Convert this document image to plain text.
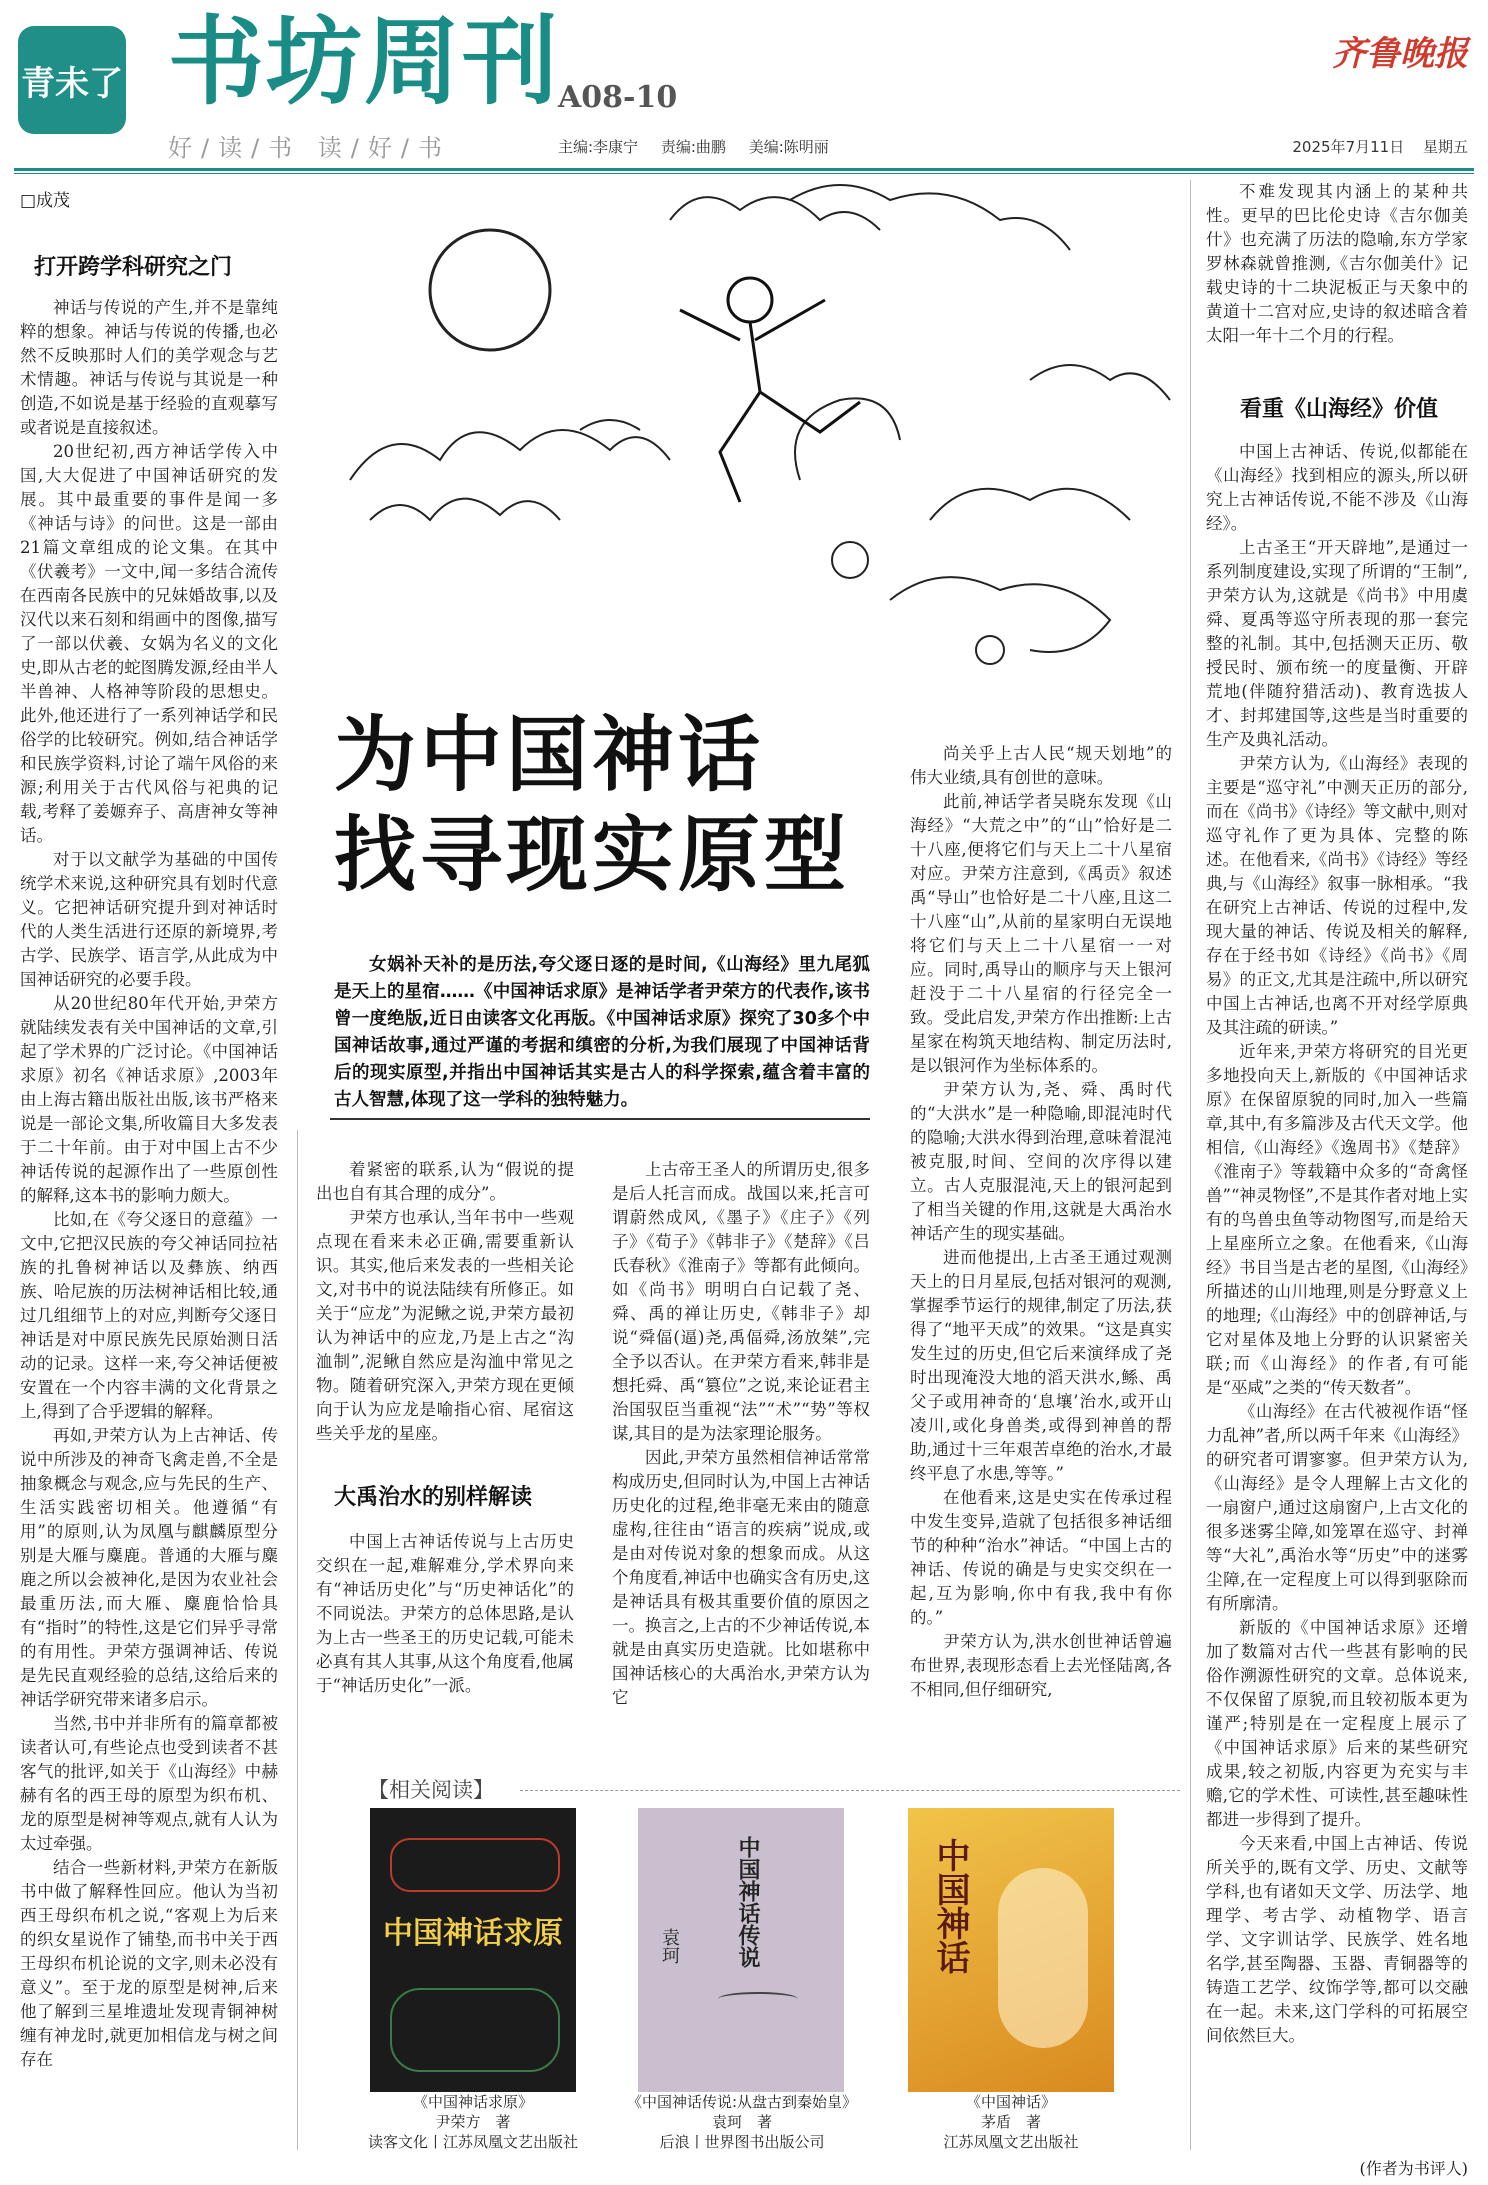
青未了 书坊周刊
A08-10
好/读/书 读/好/书
齐鲁晚报
主编:李康宁 责编:曲鹏 美编:陈明丽	2025年7月11日 星期五
□成茂
打开跨学科研究之门

神话与传说的产生,并不是靠纯粹的想象。神话与传说的传播,也必然不反映那时人们的美学观念与艺术情趣。神话与传说与其说是一种创造,不如说是基于经验的直观摹写或者说是直接叙述。

20世纪初,西方神话学传入中国,大大促进了中国神话研究的发展。其中最重要的事件是闻一多《神话与诗》的问世。这是一部由21篇文章组成的论文集。在其中《伏羲考》一文中,闻一多结合流传在西南各民族中的兄妹婚故事,以及汉代以来石刻和绢画中的图像,描写了一部以伏羲、女娲为名义的文化史,即从古老的蛇图腾发源,经由半人半兽神、人格神等阶段的思想史。此外,他还进行了一系列神话学和民俗学的比较研究。例如,结合神话学和民族学资料,讨论了端午风俗的来源;利用关于古代风俗与祀典的记载,考释了姜嫄弃子、高唐神女等神话。

对于以文献学为基础的中国传统学术来说,这种研究具有划时代意义。它把神话研究提升到对神话时代的人类生活进行还原的新境界,考古学、民族学、语言学,从此成为中国神话研究的必要手段。

从20世纪80年代开始,尹荣方就陆续发表有关中国神话的文章,引起了学术界的广泛讨论。《中国神话求原》初名《神话求原》,2003年由上海古籍出版社出版,该书严格来说是一部论文集,所收篇目大多发表于二十年前。由于对中国上古不少神话传说的起源作出了一些原创性的解释,这本书的影响力颇大。

比如,在《夸父逐日的意蕴》一文中,它把汉民族的夸父神话同拉祜族的扎鲁树神话以及彝族、纳西族、哈尼族的历法树神话相比较,通过几组细节上的对应,判断夸父逐日神话是对中原民族先民原始测日活动的记录。这样一来,夸父神话便被安置在一个内容丰满的文化背景之上,得到了合乎逻辑的解释。

再如,尹荣方认为上古神话、传说中所涉及的神奇飞禽走兽,不全是抽象概念与观念,应与先民的生产、生活实践密切相关。他遵循“有用”的原则,认为凤凰与麒麟原型分别是大雁与麋鹿。普通的大雁与麋鹿之所以会被神化,是因为农业社会最重历法,而大雁、麋鹿恰恰具有“指时”的特性,这是它们异乎寻常的有用性。尹荣方强调神话、传说是先民直观经验的总结,这给后来的神话学研究带来诸多启示。

当然,书中并非所有的篇章都被读者认可,有些论点也受到读者不甚客气的批评,如关于《山海经》中赫赫有名的西王母的原型为织布机、龙的原型是树神等观点,就有人认为太过牵强。

结合一些新材料,尹荣方在新版书中做了解释性回应。他认为当初西王母织布机之说,“客观上为后来的织女星说作了铺垫,而书中关于西王母织布机论说的文字,则未必没有意义”。至于龙的原型是树神,后来他了解到三星堆遗址发现青铜神树缠有神龙时,就更加相信龙与树之间存在

为中国神话
找寻现实原型

女娲补天补的是历法,夸父逐日逐的是时间,《山海经》里九尾狐是天上的星宿……《中国神话求原》是神话学者尹荣方的代表作,该书曾一度绝版,近日由读客文化再版。《中国神话求原》探究了30多个中国神话故事,通过严谨的考据和缜密的分析,为我们展现了中国神话背后的现实原型,并指出中国神话其实是古人的科学探索,蕴含着丰富的古人智慧,体现了这一学科的独特魅力。

着紧密的联系,认为“假说的提出也自有其合理的成分”。

尹荣方也承认,当年书中一些观点现在看来未必正确,需要重新认识。其实,他后来发表的一些相关论文,对书中的说法陆续有所修正。如关于“应龙”为泥鳅之说,尹荣方最初认为神话中的应龙,乃是上古之“沟洫制”,泥鳅自然应是沟洫中常见之物。随着研究深入,尹荣方现在更倾向于认为应龙是喻指心宿、尾宿这些关乎龙的星座。

大禹治水的别样解读

中国上古神话传说与上古历史交织在一起,难解难分,学术界向来有“神话历史化”与“历史神话化”的不同说法。尹荣方的总体思路,是认为上古一些圣王的历史记载,可能未必真有其人其事,从这个角度看,他属于“神话历史化”一派。

上古帝王圣人的所谓历史,很多是后人托言而成。战国以来,托言可谓蔚然成风,《墨子》《庄子》《列子》《荀子》《韩非子》《楚辞》《吕氏春秋》《淮南子》等都有此倾向。如《尚书》明明白白记载了尧、舜、禹的禅让历史,《韩非子》却说“舜偪(逼)尧,禹偪舜,汤放桀”,完全予以否认。在尹荣方看来,韩非是想托舜、禹“篡位”之说,来论证君主治国驭臣当重视“法”“术”“势”等权谋,其目的是为法家理论服务。

因此,尹荣方虽然相信神话常常构成历史,但同时认为,中国上古神话历史化的过程,绝非毫无来由的随意虚构,往往由“语言的疾病”说成,或是由对传说对象的想象而成。从这个角度看,神话中也确实含有历史,这是神话具有极其重要价值的原因之一。换言之,上古的不少神话传说,本就是由真实历史造就。比如堪称中国神话核心的大禹治水,尹荣方认为它

尚关乎上古人民“规天划地”的伟大业绩,具有创世的意味。

此前,神话学者吴晓东发现《山海经》“大荒之中”的“山”恰好是二十八座,便将它们与天上二十八星宿对应。尹荣方注意到,《禹贡》叙述禹“导山”也恰好是二十八座,且这二十八座“山”,从前的星家明白无误地将它们与天上二十八星宿一一对应。同时,禹导山的顺序与天上银河赶没于二十八星宿的行径完全一致。受此启发,尹荣方作出推断:上古星家在构筑天地结构、制定历法时,是以银河作为坐标体系的。

尹荣方认为,尧、舜、禹时代的“大洪水”是一种隐喻,即混沌时代的隐喻;大洪水得到治理,意味着混沌被克服,时间、空间的次序得以建立。古人克服混沌,天上的银河起到了相当关键的作用,这就是大禹治水神话产生的现实基础。

进而他提出,上古圣王通过观测天上的日月星辰,包括对银河的观测,掌握季节运行的规律,制定了历法,获得了“地平天成”的效果。“这是真实发生过的历史,但它后来演绎成了尧时出现淹没大地的滔天洪水,鲧、禹父子或用神奇的‘息壤’治水,或开山凌川,或化身兽类,或得到神兽的帮助,通过十三年艰苦卓绝的治水,才最终平息了水患,等等。”

在他看来,这是史实在传承过程中发生变异,造就了包括很多神话细节的种种“治水”神话。“中国上古的神话、传说的确是与史实交织在一起,互为影响,你中有我,我中有你的。”

尹荣方认为,洪水创世神话曾遍布世界,表现形态看上去光怪陆离,各不相同,但仔细研究,

不难发现其内涵上的某种共性。更早的巴比伦史诗《吉尔伽美什》也充满了历法的隐喻,东方学家罗林森就曾推测,《吉尔伽美什》记载史诗的十二块泥板正与天象中的黄道十二宫对应,史诗的叙述暗含着太阳一年十二个月的行程。

看重《山海经》价值

中国上古神话、传说,似都能在《山海经》找到相应的源头,所以研究上古神话传说,不能不涉及《山海经》。

上古圣王“开天辟地”,是通过一系列制度建设,实现了所谓的“王制”,尹荣方认为,这就是《尚书》中用虞舜、夏禹等巡守所表现的那一套完整的礼制。其中,包括测天正历、敬授民时、颁布统一的度量衡、开辟荒地(伴随狩猎活动)、教育选拔人才、封邦建国等,这些是当时重要的生产及典礼活动。

尹荣方认为,《山海经》表现的主要是“巡守礼”中测天正历的部分,而在《尚书》《诗经》等文献中,则对巡守礼作了更为具体、完整的陈述。在他看来,《尚书》《诗经》等经典,与《山海经》叙事一脉相承。“我在研究上古神话、传说的过程中,发现大量的神话、传说及相关的解释,存在于经书如《诗经》《尚书》《周易》的正文,尤其是注疏中,所以研究中国上古神话,也离不开对经学原典及其注疏的研读。”

近年来,尹荣方将研究的目光更多地投向天上,新版的《中国神话求原》在保留原貌的同时,加入一些篇章,其中,有多篇涉及古代天文学。他相信,《山海经》《逸周书》《楚辞》《淮南子》等载籍中众多的“奇禽怪兽”“神灵物怪”,不是其作者对地上实有的鸟兽虫鱼等动物图写,而是给天上星座所立之象。在他看来,《山海经》书目当是古老的星图,《山海经》所描述的山川地理,则是分野意义上的地理;《山海经》中的创辟神话,与它对星体及地上分野的认识紧密关联;而《山海经》的作者,有可能是“巫咸”之类的“传天数者”。

《山海经》在古代被视作语“怪力乱神”者,所以两千年来《山海经》的研究者可谓寥寥。但尹荣方认为,《山海经》是令人理解上古文化的一扇窗户,通过这扇窗户,上古文化的很多迷雾尘障,如笼罩在巡守、封禅等“大礼”,禹治水等“历史”中的迷雾尘障,在一定程度上可以得到驱除而有所廓清。

新版的《中国神话求原》还增加了数篇对古代一些甚有影响的民俗作溯源性研究的文章。总体说来,不仅保留了原貌,而且较初版本更为谨严;特别是在一定程度上展示了《中国神话求原》后来的某些研究成果,较之初版,内容更为充实与丰赡,它的学术性、可读性,甚至趣味性都进一步得到了提升。

今天来看,中国上古神话、传说所关乎的,既有文学、历史、文献等学科,也有诸如天文学、历法学、地理学、考古学、动植物学、语言学、文字训诂学、民族学、姓名地名学,甚至陶器、玉器、青铜器等的铸造工艺学、纹饰学等,都可以交融在一起。未来,这门学科的可拓展空间依然巨大。

(作者为书评人)
【相关阅读】
中国神话求原
《中国神话求原》
尹荣方　 著
读客文化丨江苏凤凰文艺出版社
中国神话传说
袁珂
《中国神话传说:从盘古到秦始皇》
袁珂　 著
后浪丨世界图书出版公司
中国神话
《中国神话》
茅盾　 著
江苏凤凰文艺出版社
